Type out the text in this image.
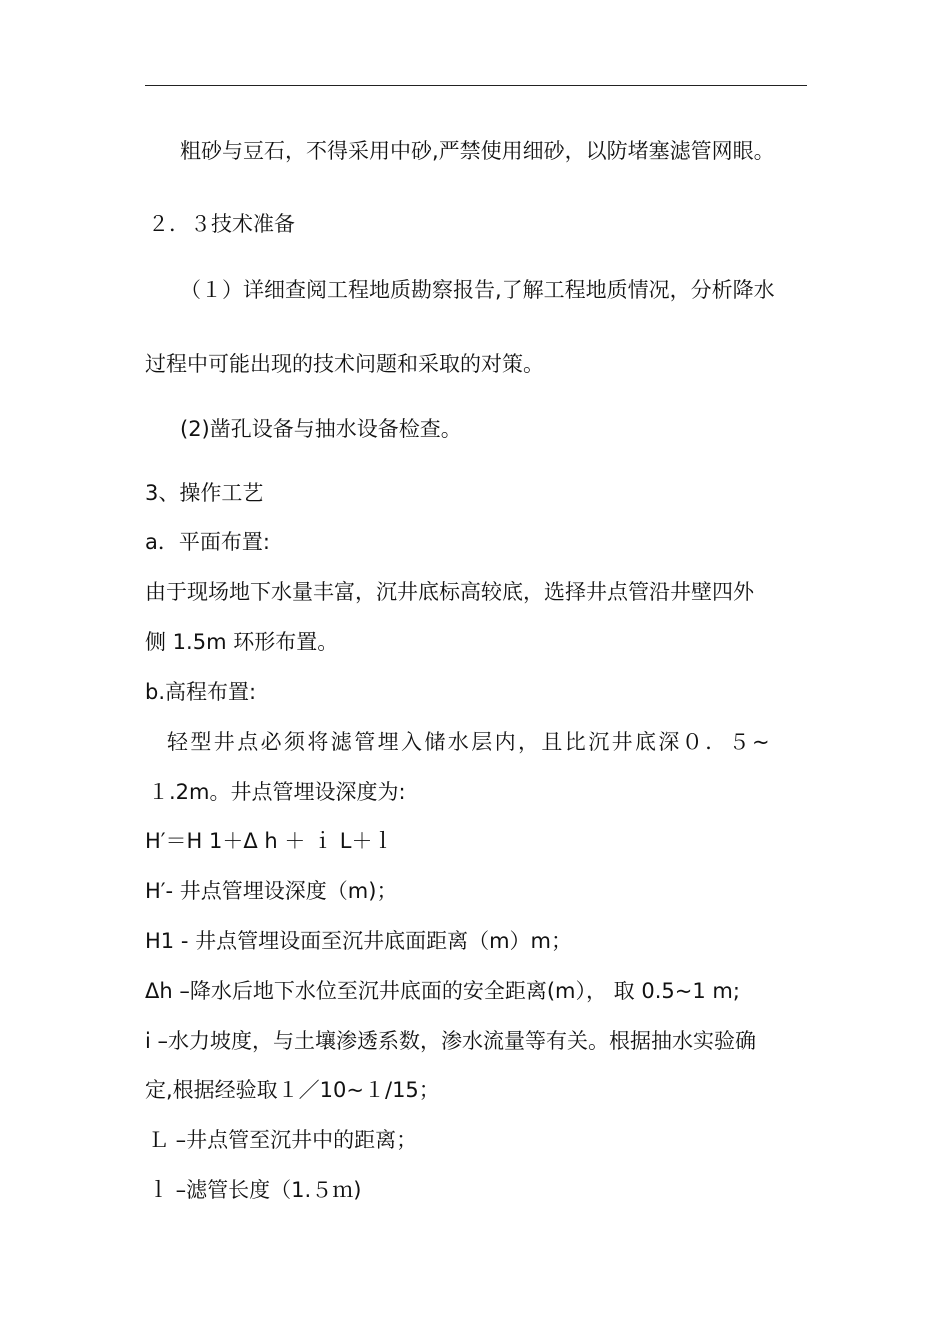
粗砂与豆石，不得采用中砂,严禁使用细砂，以防堵塞滤管网眼。
２．３技术准备
（１）详细查阅工程地质勘察报告,了解工程地质情况，分析降水
过程中可能出现的技术问题和采取的对策。
(2)凿孔设备与抽水设备检查。
3、操作工艺
a．平面布置:
由于现场地下水量丰富，沉井底标高较底，选择井点管沿井壁四外
侧 1.5m 环形布置。
b.高程布置:
轻型井点必须将滤管埋入储水层内，且比沉井底深０．５~
１.2m。井点管埋设深度为:
H′＝H 1＋Δ h ＋ ｉ L＋ｌ
H′- 井点管埋设深度（m)；
H1 - 井点管埋设面至沉井底面距离（m）m；
Δh –降水后地下水位至沉井底面的安全距离(m）， 取 0.5~1 m;
i –水力坡度，与土壤渗透系数，渗水流量等有关。根据抽水实验确
定,根据经验取１／10~１/15；
Ｌ –井点管至沉井中的距离；
ｌ –滤管长度（1.５ｍ)
